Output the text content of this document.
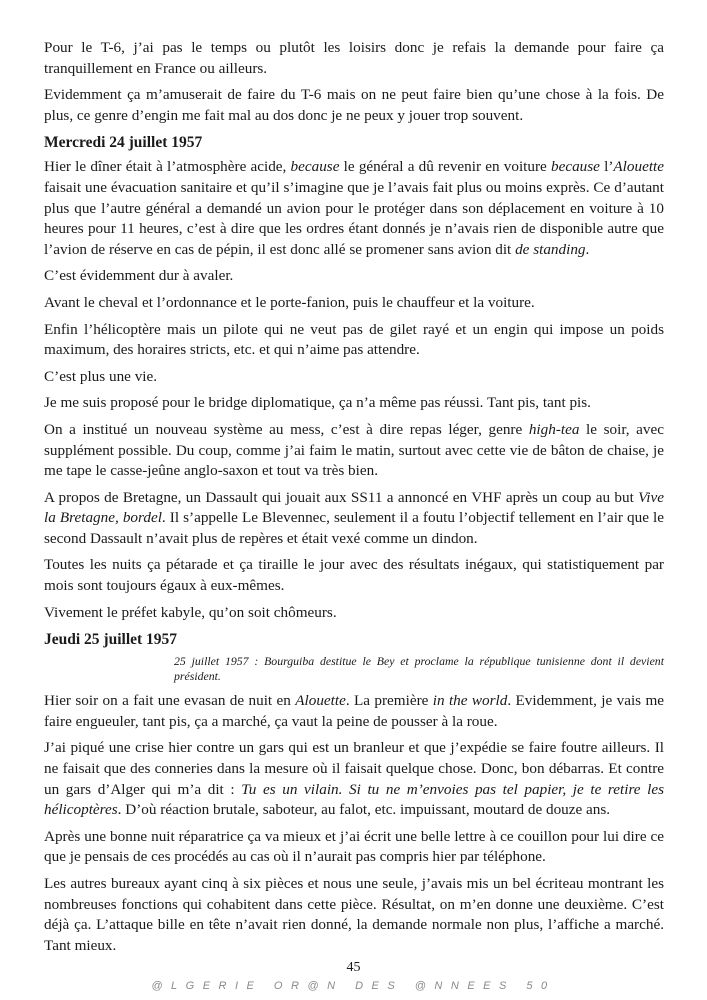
Pour le T-6, j’ai pas le temps ou plutôt les loisirs donc je refais la demande pour faire ça tranquillement en France ou ailleurs.

Evidemment ça m’amuserait de faire du T-6 mais on ne peut faire bien qu’une chose à la fois. De plus, ce genre d’engin me fait mal au dos donc je ne peux y jouer trop souvent.

Mercredi 24 juillet 1957

Hier le dîner était à l’atmosphère acide, because le général a dû revenir en voiture because l’Alouette faisait une évacuation sanitaire et qu’il s’imagine que je l’avais fait plus ou moins exprès. Ce d’autant plus que l’autre général a demandé un avion pour le protéger dans son déplacement en voiture à 10 heures pour 11 heures, c’est à dire que les ordres étant donnés je n’avais rien de disponible autre que l’avion de réserve en cas de pépin, il est donc allé se promener sans avion dit de standing.

C’est évidemment dur à avaler.

Avant le cheval et l’ordonnance et le porte-fanion, puis le chauffeur et la voiture.

Enfin l’hélicoptère mais un pilote qui ne veut pas de gilet rayé et un engin qui impose un poids maximum, des horaires stricts, etc. et qui n’aime pas attendre.

C’est plus une vie.

Je me suis proposé pour le bridge diplomatique, ça n’a même pas réussi. Tant pis, tant pis.

On a institué un nouveau système au mess, c’est à dire repas léger, genre high-tea le soir, avec supplément possible. Du coup, comme j’ai faim le matin, surtout avec cette vie de bâton de chaise, je me tape le casse-jeûne anglo-saxon et tout va très bien.

A propos de Bretagne, un Dassault qui jouait aux SS11 a annoncé en VHF après un coup au but Vive la Bretagne, bordel. Il s’appelle Le Blevennec, seulement il a foutu l’objectif tellement en l’air que le second Dassault n’avait plus de repères et était vexé comme un dindon.

Toutes les nuits ça pétarade et ça tiraille le jour avec des résultats inégaux, qui statistiquement par mois sont toujours égaux à eux-mêmes.

Vivement le préfet kabyle, qu’on soit chômeurs.

Jeudi 25 juillet 1957

25 juillet 1957 : Bourguiba destitue le Bey et proclame la république tunisienne dont il devient président.

Hier soir on a fait une evasan de nuit en Alouette. La première in the world. Evidemment, je vais me faire engueuler, tant pis, ça a marché, ça vaut la peine de pousser à la roue.

J’ai piqué une crise hier contre un gars qui est un branleur et que j’expédie se faire foutre ailleurs. Il ne faisait que des conneries dans la mesure où il faisait quelque chose. Donc, bon débarras. Et contre un gars d’Alger qui m’a dit : Tu es un vilain. Si tu ne m’envoies pas tel papier, je te retire les hélicoptères. D’où réaction brutale, saboteur, au falot, etc. impuissant, moutard de douze ans.

Après une bonne nuit réparatrice ça va mieux et j’ai écrit une belle lettre à ce couillon pour lui dire ce que je pensais de ces procédés au cas où il n’aurait pas compris hier par téléphone.

Les autres bureaux ayant cinq à six pièces et nous une seule, j’avais mis un bel écriteau montrant les nombreuses fonctions qui cohabitent dans cette pièce. Résultat, on m’en donne une deuxième. C’est déjà ça. L’attaque bille en tête n’avait rien donné, la demande normale non plus, l’affiche a marché. Tant mieux.

45
@LGERIE OR@N DES @NNEES 50
